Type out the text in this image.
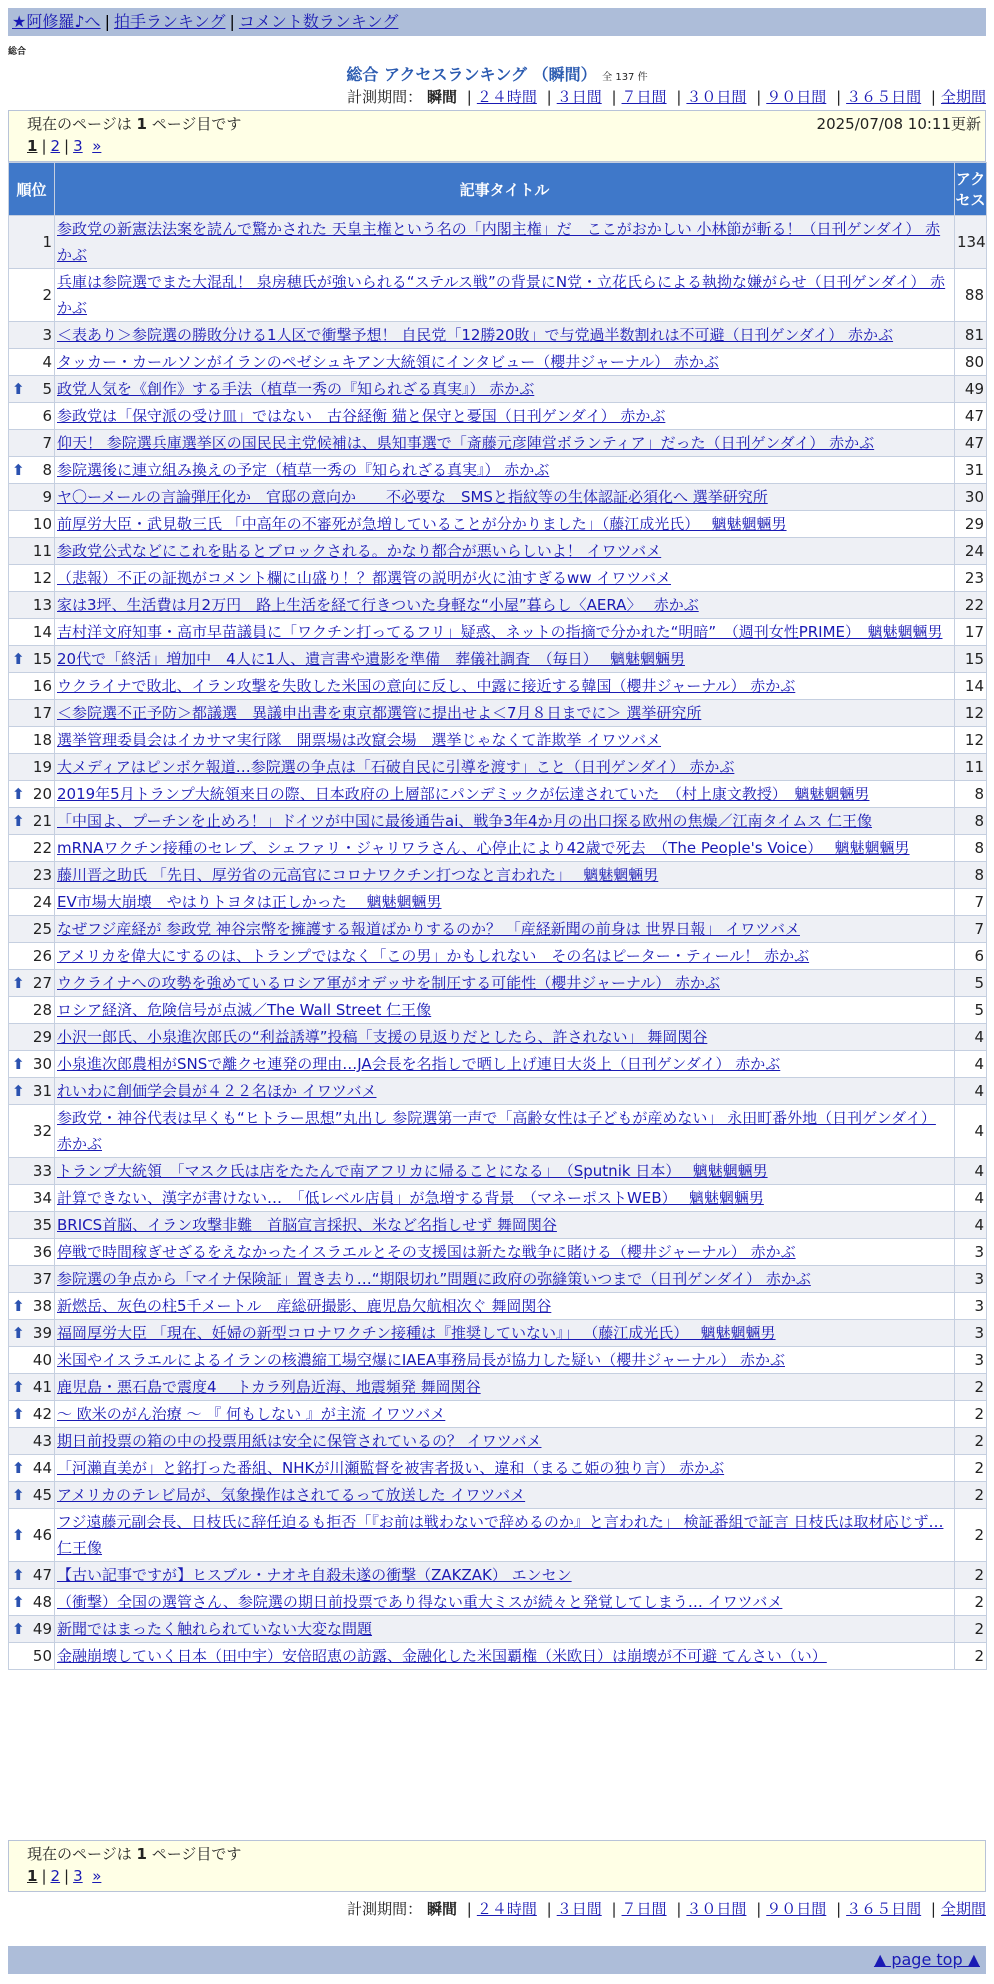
★阿修羅♪へ | 拍手ランキング | コメント数ランキング
総合
総合 アクセスランキング （瞬間） 全 137 件
計測期間： 瞬間 | ２４時間 | ３日間 | ７日間 | ３０日間 | ９０日間 | ３６５日間 | 全期間
現在のページは 1 ページ目です	2025/07/08 10:11更新
1 | 2 | 3 »
順位	記事タイトル	アクセス
1	参政党の新憲法法案を読んで驚かされた 天皇主権という名の「内閣主権」だ　ここがおかしい 小林節が斬る！（日刊ゲンダイ） 赤かぶ	134
2	兵庫は参院選でまた大混乱！ 泉房穂氏が強いられる“ステルス戦”の背景にN党・立花氏らによる執拗な嫌がらせ（日刊ゲンダイ） 赤かぶ	88
3	＜表あり＞参院選の勝敗分ける1人区で衝撃予想！ 自民党「12勝20敗」で与党過半数割れは不可避（日刊ゲンダイ） 赤かぶ	81
4	タッカー・カールソンがイランのペゼシュキアン大統領にインタビュー（櫻井ジャーナル） 赤かぶ	80

⬆ 5	政党人気を《創作》する手法（植草一秀の『知られざる真実』） 赤かぶ	49
6	参政党は「保守派の受け皿」ではない　古谷経衡 猫と保守と憂国（日刊ゲンダイ） 赤かぶ	47
7	仰天！ 参院選兵庫選挙区の国民民主党候補は、県知事選で「斎藤元彦陣営ボランティア」だった（日刊ゲンダイ） 赤かぶ	47

⬆ 8	参院選後に連立組み換えの予定（植草一秀の『知られざる真実』） 赤かぶ	31
9	ヤ〇ーメールの言論弾圧化か　官邸の意向か　　不必要な　SMSと指紋等の生体認証必須化へ 選挙研究所	30
10	前厚労大臣・武見敬三氏 「中高年の不審死が急増していることが分かりました」（藤江成光氏）　 魑魅魍魎男	29
11	参政党公式などにこれを貼るとブロックされる。かなり都合が悪いらしいよ！ イワツバメ	24
12	（悲報）不正の証拠がコメント欄に山盛り！？都選管の説明が火に油すぎるww イワツバメ	23
13	家は3坪、生活費は月2万円　路上生活を経て行きついた身軽な“小屋”暮らし〈AERA〉　 赤かぶ	22
14	吉村洋文府知事・高市早苗議員に「ワクチン打ってるフリ」疑惑、ネットの指摘で分かれた“明暗”　（週刊女性PRIME）　魑魅魍魎男	17

⬆ 15	20代で「終活」増加中　4人に1人、遺言書や遺影を準備　葬儀社調査　（毎日）　 魑魅魍魎男	15
16	ウクライナで敗北、イラン攻撃を失敗した米国の意向に反し、中露に接近する韓国（櫻井ジャーナル） 赤かぶ	14
17	＜参院選不正予防＞都議選　異議申出書を東京都選管に提出せよ＜7月８日までに＞ 選挙研究所	12
18	選挙管理委員会はイカサマ実行隊　開票場は改竄会場　選挙じゃなくて詐欺挙 イワツバメ	12
19	大メディアはピンボケ報道…参院選の争点は「石破自民に引導を渡す」こと（日刊ゲンダイ） 赤かぶ	11

⬆ 20	2019年5月トランプ大統領来日の際、日本政府の上層部にパンデミックが伝達されていた　（村上康文教授）　魑魅魍魎男	8

⬆ 21	「中国よ、プーチンを止めろ！」ドイツが中国に最後通告ai、戦争3年4か月の出口探る欧州の焦燥／江南タイムス 仁王像	8
22	mRNAワクチン接種のセレブ、シェファリ・ジャリワラさん、心停止により42歳で死去　（The People's Voice）　 魑魅魍魎男	8
23	藤川晋之助氏 「先日、厚労省の元高官にコロナワクチン打つなと言われた」　 魑魅魍魎男	8
24	EV市場大崩壊　やはりトヨタは正しかった　 魑魅魍魎男	7
25	なぜフジ産経が 参政党 神谷宗幣を擁護する報道ばかりするのか？ 「産経新聞の前身は 世界日報」 イワツバメ	7
26	アメリカを偉大にするのは、トランプではなく「この男」かもしれない　その名はピーター・ティール！ 赤かぶ	6

⬆ 27	ウクライナへの攻勢を強めているロシア軍がオデッサを制圧する可能性（櫻井ジャーナル） 赤かぶ	5
28	ロシア経済、危険信号が点滅／The Wall Street 仁王像	5
29	小沢一郎氏、小泉進次郎氏の“利益誘導”投稿「支援の見返りだとしたら、許されない」 舞岡関谷	4

⬆ 30	小泉進次郎農相がSNSで離クセ連発の理由…JA会長を名指しで晒し上げ連日大炎上（日刊ゲンダイ） 赤かぶ	4

⬆ 31	れいわに創価学会員が４２２名ほか イワツバメ	4
32	参政党・神谷代表は早くも“ヒトラー思想”丸出し 参院選第一声で「高齢女性は子どもが産めない」 永田町番外地（日刊ゲンダイ） 赤かぶ	4
33	トランプ大統領　「マスク氏は店をたたんで南アフリカに帰ることになる」　（Sputnik 日本）　 魑魅魍魎男	4
34	計算できない、漢字が書けない…　「低レベル店員」が急増する背景　（マネーポストWEB）　 魑魅魍魎男	4
35	BRICS首脳、イラン攻撃非難　首脳宣言採択、米など名指しせず 舞岡関谷	4
36	停戦で時間稼ぎせざるをえなかったイスラエルとその支援国は新たな戦争に賭ける（櫻井ジャーナル） 赤かぶ	3
37	参院選の争点から「マイナ保険証」置き去り…“期限切れ”問題に政府の弥縫策いつまで（日刊ゲンダイ） 赤かぶ	3

⬆ 38	新燃岳、灰色の柱5千メートル　産総研撮影、鹿児島欠航相次ぐ 舞岡関谷	3

⬆ 39	福岡厚労大臣 「現在、妊婦の新型コロナワクチン接種は『推奨していない』」 （藤江成光氏）　 魑魅魍魎男	3
40	米国やイスラエルによるイランの核濃縮工場空爆にIAEA事務局長が協力した疑い（櫻井ジャーナル） 赤かぶ	3

⬆ 41	鹿児島・悪石島で震度4　 トカラ列島近海、地震頻発 舞岡関谷	2

⬆ 42	～ 欧米のがん治療 ～ 『 何もしない 』が主流 イワツバメ	2
43	期日前投票の箱の中の投票用紙は安全に保管されているの？ イワツバメ	2

⬆ 44	「河瀨直美が」と銘打った番組、NHKが川瀬監督を被害者扱い、違和（まるこ姫の独り言） 赤かぶ	2

⬆ 45	アメリカのテレビ局が、気象操作はされてるって放送した イワツバメ	2

⬆ 46	フジ遠藤元副会長、日枝氏に辞任迫るも拒否「『お前は戦わないで辞めるのか』と言われた」 検証番組で証言 日枝氏は取材応じず… 仁王像	2

⬆ 47	【古い記事ですが】ヒスブル・ナオキ自殺未遂の衝撃（ZAKZAK） エンセン	2

⬆ 48	（衝撃）全国の選管さん、参院選の期日前投票であり得ない重大ミスが続々と発覚してしまう… イワツバメ	2

⬆ 49	新聞ではまったく触れられていない大変な問題	2
50	金融崩壊していく日本（田中宇）安倍昭恵の訪露、金融化した米国覇権（米欧日）は崩壊が不可避 てんさい（い）	2
現在のページは 1 ページ目です
1 | 2 | 3 »
計測期間： 瞬間 | ２４時間 | ３日間 | ７日間 | ３０日間 | ９０日間 | ３６５日間 | 全期間
▲ page top ▲
